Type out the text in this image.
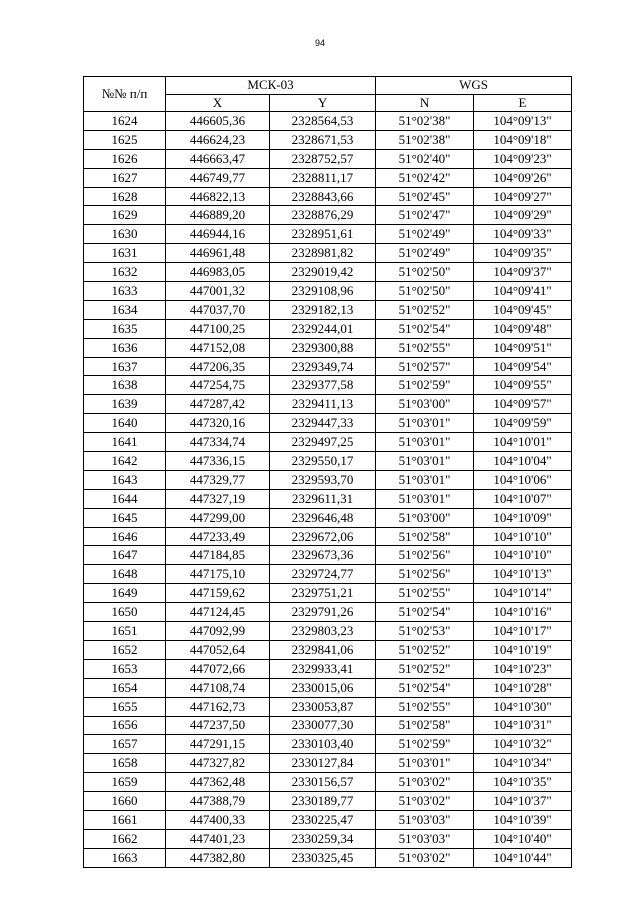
94
№№ п/п	МСК-03		WGS	
	X	Y	N	E
1624	446605,36	2328564,53	51°02'38"	104°09'13"
1625	446624,23	2328671,53	51°02'38"	104°09'18"
1626	446663,47	2328752,57	51°02'40"	104°09'23"
1627	446749,77	2328811,17	51°02'42"	104°09'26"
1628	446822,13	2328843,66	51°02'45"	104°09'27"
1629	446889,20	2328876,29	51°02'47"	104°09'29"
1630	446944,16	2328951,61	51°02'49"	104°09'33"
1631	446961,48	2328981,82	51°02'49"	104°09'35"
1632	446983,05	2329019,42	51°02'50"	104°09'37"
1633	447001,32	2329108,96	51°02'50"	104°09'41"
1634	447037,70	2329182,13	51°02'52"	104°09'45"
1635	447100,25	2329244,01	51°02'54"	104°09'48"
1636	447152,08	2329300,88	51°02'55"	104°09'51"
1637	447206,35	2329349,74	51°02'57"	104°09'54"
1638	447254,75	2329377,58	51°02'59"	104°09'55"
1639	447287,42	2329411,13	51°03'00"	104°09'57"
1640	447320,16	2329447,33	51°03'01"	104°09'59"
1641	447334,74	2329497,25	51°03'01"	104°10'01"
1642	447336,15	2329550,17	51°03'01"	104°10'04"
1643	447329,77	2329593,70	51°03'01"	104°10'06"
1644	447327,19	2329611,31	51°03'01"	104°10'07"
1645	447299,00	2329646,48	51°03'00"	104°10'09"
1646	447233,49	2329672,06	51°02'58"	104°10'10"
1647	447184,85	2329673,36	51°02'56"	104°10'10"
1648	447175,10	2329724,77	51°02'56"	104°10'13"
1649	447159,62	2329751,21	51°02'55"	104°10'14"
1650	447124,45	2329791,26	51°02'54"	104°10'16"
1651	447092,99	2329803,23	51°02'53"	104°10'17"
1652	447052,64	2329841,06	51°02'52"	104°10'19"
1653	447072,66	2329933,41	51°02'52"	104°10'23"
1654	447108,74	2330015,06	51°02'54"	104°10'28"
1655	447162,73	2330053,87	51°02'55"	104°10'30"
1656	447237,50	2330077,30	51°02'58"	104°10'31"
1657	447291,15	2330103,40	51°02'59"	104°10'32"
1658	447327,82	2330127,84	51°03'01"	104°10'34"
1659	447362,48	2330156,57	51°03'02"	104°10'35"
1660	447388,79	2330189,77	51°03'02"	104°10'37"
1661	447400,33	2330225,47	51°03'03"	104°10'39"
1662	447401,23	2330259,34	51°03'03"	104°10'40"
1663	447382,80	2330325,45	51°03'02"	104°10'44"
